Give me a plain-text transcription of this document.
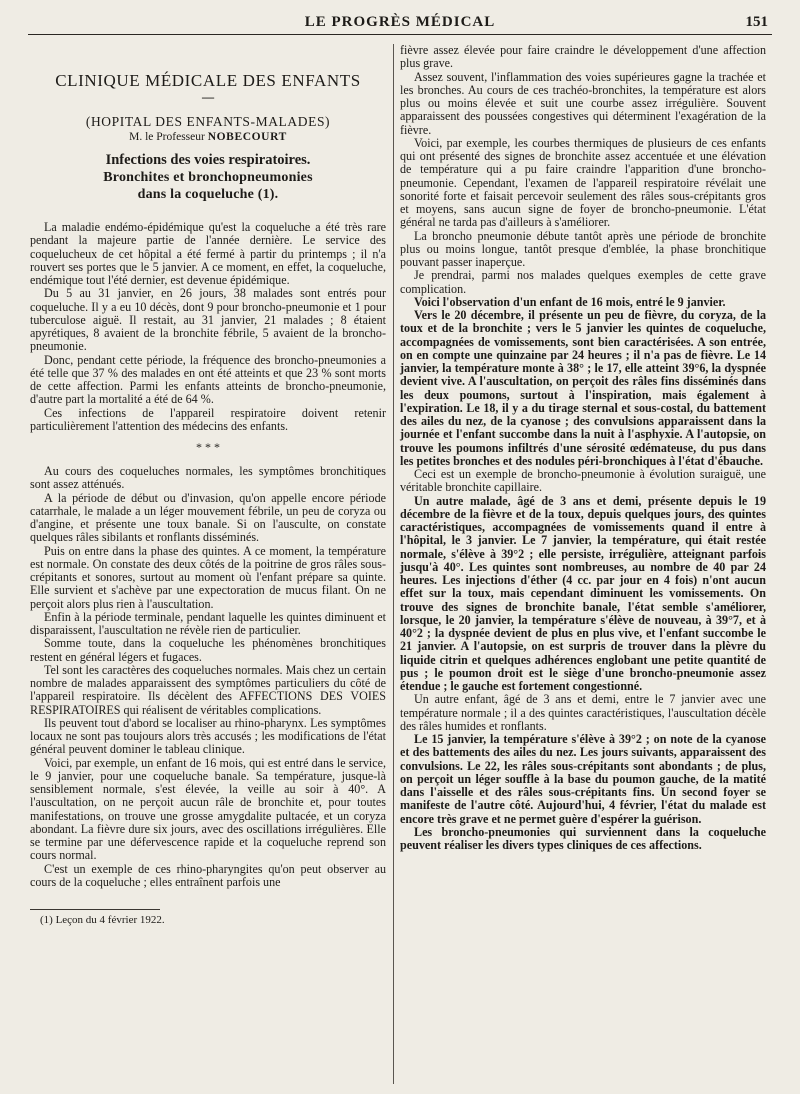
LE PROGRÈS MÉDICAL	151

CLINIQUE MÉDICALE DES ENFANTS

—

(HOPITAL DES ENFANTS-MALADES)

M. le Professeur NOBECOURT

Infections des voies respiratoires.

Bronchites et bronchopneumonies
dans la coqueluche (1).

La maladie endémo-épidémique qu'est la coqueluche a été très rare pendant la majeure partie de l'année dernière. Le service des coquelucheux de cet hôpital a été fermé à partir du printemps ; il n'a rouvert ses portes que le 5 janvier. A ce moment, en effet, la coqueluche, endémique tout l'été dernier, est devenue épidémique.

Du 5 au 31 janvier, en 26 jours, 38 malades sont entrés pour coqueluche. Il y a eu 10 décès, dont 9 pour broncho-pneumonie et 1 pour tuberculose aiguë. Il restait, au 31 janvier, 21 malades ; 8 étaient apyrétiques, 8 avaient de la bronchite fébrile, 5 avaient de la broncho-pneumonie.

Donc, pendant cette période, la fréquence des broncho-pneumonies a été telle que 37 % des malades en ont été atteints et que 23 % sont morts de cette affection. Parmi les enfants atteints de broncho-pneumonie, d'autre part la mortalité a été de 64 %.

Ces infections de l'appareil respiratoire doivent retenir particulièrement l'attention des médecins des enfants.

* * *

Au cours des coqueluches normales, les symptômes bronchitiques sont assez atténués.

A la période de début ou d'invasion, qu'on appelle encore période catarrhale, le malade a un léger mouvement fébrile, un peu de coryza ou d'angine, et présente une toux banale. Si on l'ausculte, on constate quelques râles sibilants et ronflants disséminés.

Puis on entre dans la phase des quintes. A ce moment, la température est normale. On constate des deux côtés de la poitrine de gros râles sous-crépitants et sonores, surtout au moment où l'enfant prépare sa quinte. Elle survient et s'achève par une expectoration de mucus filant. On ne perçoit alors plus rien à l'auscultation.

Enfin à la période terminale, pendant laquelle les quintes diminuent et disparaissent, l'auscultation ne révèle rien de particulier.

Somme toute, dans la coqueluche les phénomènes bronchitiques restent en général légers et fugaces.

Tel sont les caractères des coqueluches normales. Mais chez un certain nombre de malades apparaissent des symptômes particuliers du côté de l'appareil respiratoire. Ils décèlent des AFFECTIONS DES VOIES RESPIRATOIRES qui réalisent de véritables complications.

Ils peuvent tout d'abord se localiser au rhino-pharynx. Les symptômes locaux ne sont pas toujours alors très accusés ; les modifications de l'état général peuvent dominer le tableau clinique.

Voici, par exemple, un enfant de 16 mois, qui est entré dans le service, le 9 janvier, pour une coqueluche banale. Sa température, jusque-là sensiblement normale, s'est élevée, la veille au soir à 40°. A l'auscultation, on ne perçoit aucun râle de bronchite et, pour toutes manifestations, on trouve une grosse amygdalite pultacée, et un coryza abondant. La fièvre dure six jours, avec des oscillations irrégulières. Elle se termine par une défervescence rapide et la coqueluche reprend son cours normal.

C'est un exemple de ces rhino-pharyngites qu'on peut observer au cours de la coqueluche ; elles entraînent parfois une

(1) Leçon du 4 février 1922.

fièvre assez élevée pour faire craindre le développement d'une affection plus grave.

Assez souvent, l'inflammation des voies supérieures gagne la trachée et les bronches. Au cours de ces trachéo-bronchites, la température est alors plus ou moins élevée et suit une courbe assez irrégulière. Souvent apparaissent des poussées congestives qui déterminent l'exagération de la fièvre.

Voici, par exemple, les courbes thermiques de plusieurs de ces enfants qui ont présenté des signes de bronchite assez accentuée et une élévation de température qui a pu faire craindre l'apparition d'une broncho-pneumonie. Cependant, l'examen de l'appareil respiratoire révélait une sonorité forte et faisait percevoir seulement des râles sous-crépitants gros et moyens, sans aucun signe de foyer de broncho-pneumonie. L'état général ne tarda pas d'ailleurs à s'améliorer.

La broncho pneumonie débute tantôt après une période de bronchite plus ou moins longue, tantôt presque d'emblée, la phase bronchitique pouvant passer inaperçue.

Je prendrai, parmi nos malades quelques exemples de cette grave complication.

Voici l'observation d'un enfant de 16 mois, entré le 9 janvier.

Vers le 20 décembre, il présente un peu de fièvre, du coryza, de la toux et de la bronchite ; vers le 5 janvier les quintes de coqueluche, accompagnées de vomissements, sont bien caractérisées. A son entrée, on en compte une quinzaine par 24 heures ; il n'a pas de fièvre. Le 14 janvier, la température monte à 38° ; le 17, elle atteint 39°6, la dyspnée devient vive. A l'auscultation, on perçoit des râles fins disséminés dans les deux poumons, surtout à l'inspiration, mais également à l'expiration. Le 18, il y a du tirage sternal et sous-costal, du battement des ailes du nez, de la cyanose ; des convulsions apparaissent dans la journée et l'enfant succombe dans la nuit à l'asphyxie. A l'autopsie, on trouve les poumons infiltrés d'une sérosité œdémateuse, du pus dans les petites bronches et des nodules péri-bronchiques à l'état d'ébauche.

Ceci est un exemple de broncho-pneumonie à évolution suraiguë, une véritable bronchite capillaire.

Un autre malade, âgé de 3 ans et demi, présente depuis le 19 décembre de la fièvre et de la toux, depuis quelques jours, des quintes caractéristiques, accompagnées de vomissements quand il entre à l'hôpital, le 3 janvier. Le 7 janvier, la température, qui était restée normale, s'élève à 39°2 ; elle persiste, irrégulière, atteignant parfois jusqu'à 40°. Les quintes sont nombreuses, au nombre de 40 par 24 heures. Les injections d'éther (4 cc. par jour en 4 fois) n'ont aucun effet sur la toux, mais cependant diminuent les vomissements. On trouve des signes de bronchite banale, l'état semble s'améliorer, lorsque, le 20 janvier, la température s'élève de nouveau, à 39°7, et à 40°2 ; la dyspnée devient de plus en plus vive, et l'enfant succombe le 21 janvier. A l'autopsie, on est surpris de trouver dans la plèvre du liquide citrin et quelques adhérences englobant une petite quantité de pus ; le poumon droit est le siège d'une broncho-pneumonie assez étendue ; le gauche est fortement congestionné.

Un autre enfant, âgé de 3 ans et demi, entre le 7 janvier avec une température normale ; il a des quintes caractéristiques, l'auscultation décèle des râles humides et ronflants.

Le 15 janvier, la température s'élève à 39°2 ; on note de la cyanose et des battements des ailes du nez. Les jours suivants, apparaissent des convulsions. Le 22, les râles sous-crépitants sont abondants ; de plus, on perçoit un léger souffle à la base du poumon gauche, de la matité dans l'aisselle et des râles sous-crépitants fins. Un second foyer se manifeste de l'autre côté. Aujourd'hui, 4 février, l'état du malade est encore très grave et ne permet guère d'espérer la guérison.

Les broncho-pneumonies qui surviennent dans la coqueluche peuvent réaliser les divers types cliniques de ces affections.
